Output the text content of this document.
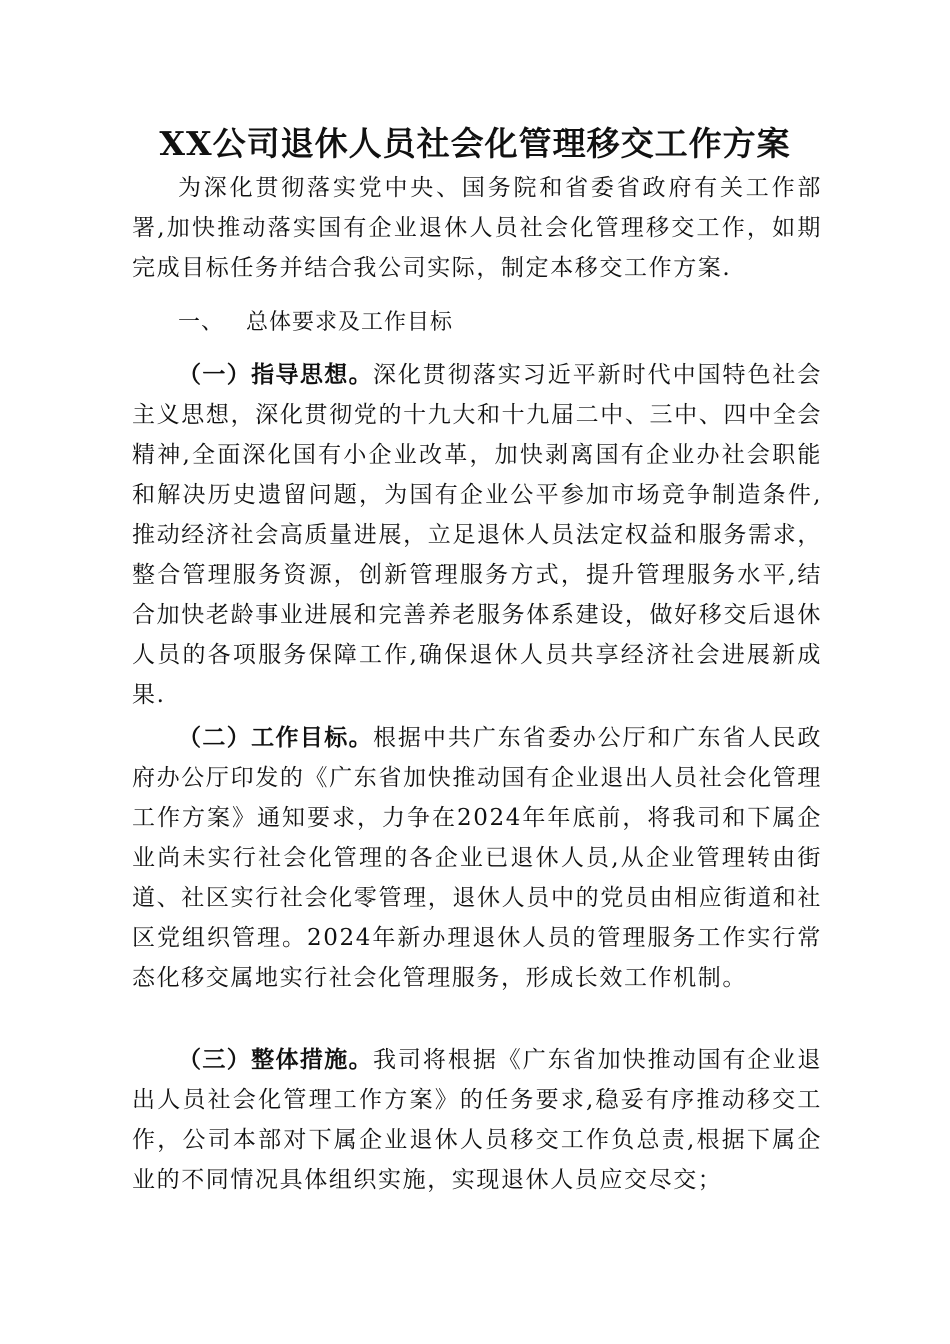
XX公司退休人员社会化管理移交工作方案

为深化贯彻落实党中央、国务院和省委省政府有关工作部署,加快推动落实国有企业退休人员社会化管理移交工作，如期完成目标任务并结合我公司实际，制定本移交工作方案.

一、 总体要求及工作目标

（一）指导思想。深化贯彻落实习近平新时代中国特色社会主义思想，深化贯彻党的十九大和十九届二中、三中、四中全会精神,全面深化国有小企业改革，加快剥离国有企业办社会职能和解决历史遗留问题，为国有企业公平参加市场竞争制造条件,推动经济社会高质量进展，立足退休人员法定权益和服务需求，整合管理服务资源，创新管理服务方式，提升管理服务水平,结合加快老龄事业进展和完善养老服务体系建设，做好移交后退休人员的各项服务保障工作,确保退休人员共享经济社会进展新成果.

（二）工作目标。根据中共广东省委办公厅和广东省人民政府办公厅印发的《广东省加快推动国有企业退出人员社会化管理工作方案》通知要求，力争在2024年年底前，将我司和下属企业尚未实行社会化管理的各企业已退休人员,从企业管理转由街道、社区实行社会化零管理，退休人员中的党员由相应街道和社区党组织管理。2024年新办理退休人员的管理服务工作实行常态化移交属地实行社会化管理服务，形成长效工作机制。

（三）整体措施。我司将根据《广东省加快推动国有企业退出人员社会化管理工作方案》的任务要求,稳妥有序推动移交工作，公司本部对下属企业退休人员移交工作负总责,根据下属企业的不同情况具体组织实施，实现退休人员应交尽交；
